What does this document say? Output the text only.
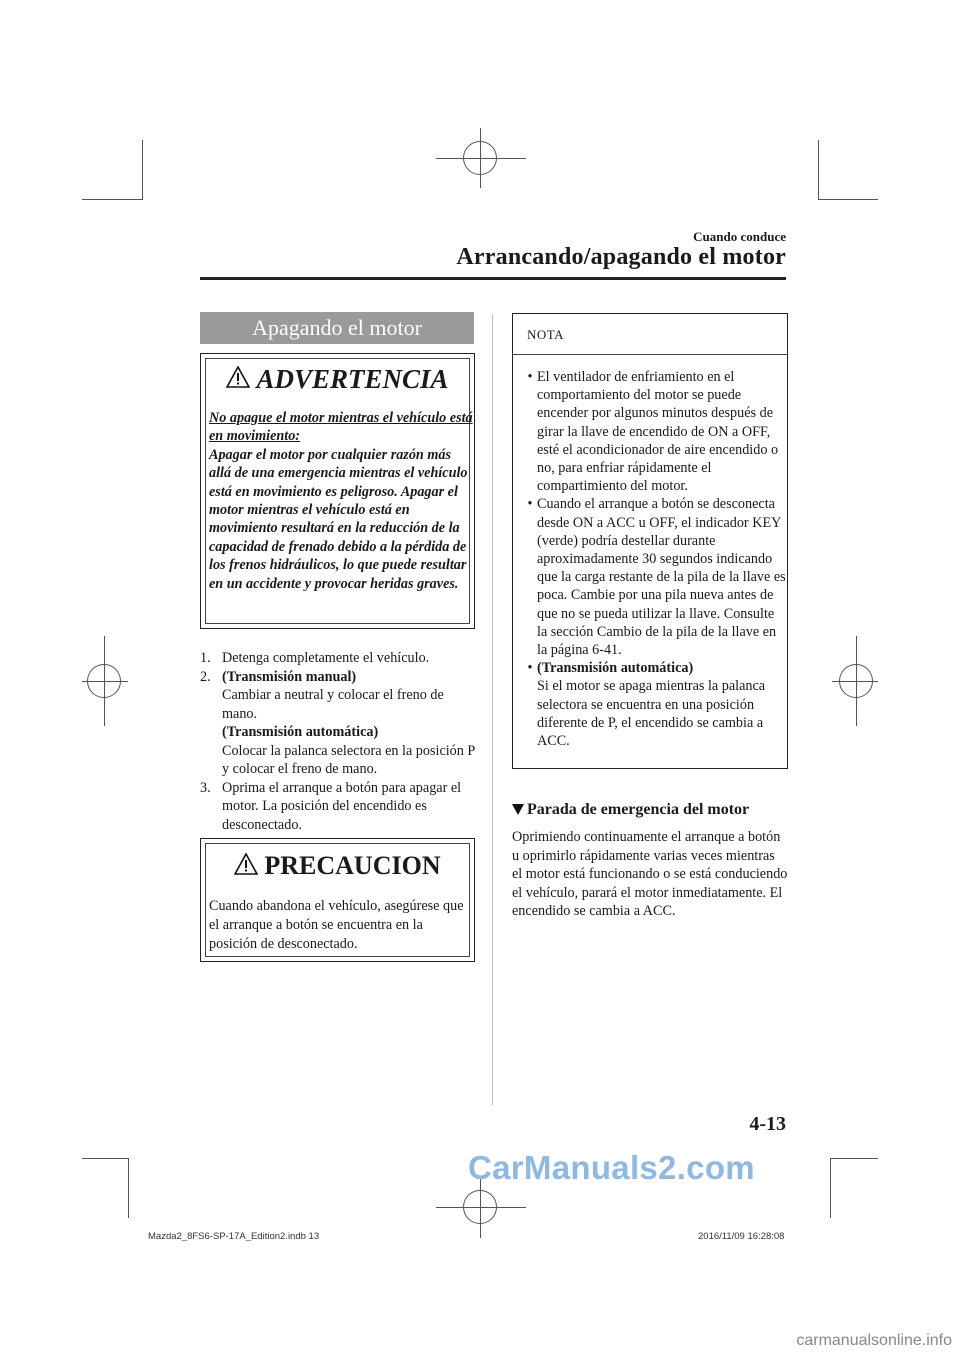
Cuando conduce
Arrancando/apagando el motor
Apagando el motor
ADVERTENCIA
No apague el motor mientras el vehículo está en movimiento:
Apagar el motor por cualquier razón más allá de una emergencia mientras el vehículo está en movimiento es peligroso. Apagar el motor mientras el vehículo está en movimiento resultará en la reducción de la capacidad de frenado debido a la pérdida de los frenos hidráulicos, lo que puede resultar en un accidente y provocar heridas graves.
1. Detenga completamente el vehículo.
2. (Transmisión manual)
Cambiar a neutral y colocar el freno de mano.
(Transmisión automática)
Colocar la palanca selectora en la posición P y colocar el freno de mano.
3. Oprima el arranque a botón para apagar el motor. La posición del encendido es desconectado.
PRECAUCION
Cuando abandona el vehículo, asegúrese que el arranque a botón se encuentra en la posición de desconectado.
NOTA
• El ventilador de enfriamiento en el comportamiento del motor se puede encender por algunos minutos después de girar la llave de encendido de ON a OFF, esté el acondicionador de aire encendido o no, para enfriar rápidamente el compartimiento del motor.
• Cuando el arranque a botón se desconecta desde ON a ACC u OFF, el indicador KEY (verde) podría destellar durante aproximadamente 30 segundos indicando que la carga restante de la pila de la llave es poca. Cambie por una pila nueva antes de que no se pueda utilizar la llave. Consulte la sección Cambio de la pila de la llave en la página 6-41.
• (Transmisión automática)
Si el motor se apaga mientras la palanca selectora se encuentra en una posición diferente de P, el encendido se cambia a ACC.
Parada de emergencia del motor
Oprimiendo continuamente el arranque a botón u oprimirlo rápidamente varias veces mientras el motor está funcionando o se está conduciendo el vehículo, parará el motor inmediatamente. El encendido se cambia a ACC.
4-13
CarManuals2.com
Mazda2_8FS6-SP-17A_Edition2.indb 13	2016/11/09 16:28:08
carmanualsonline.info
